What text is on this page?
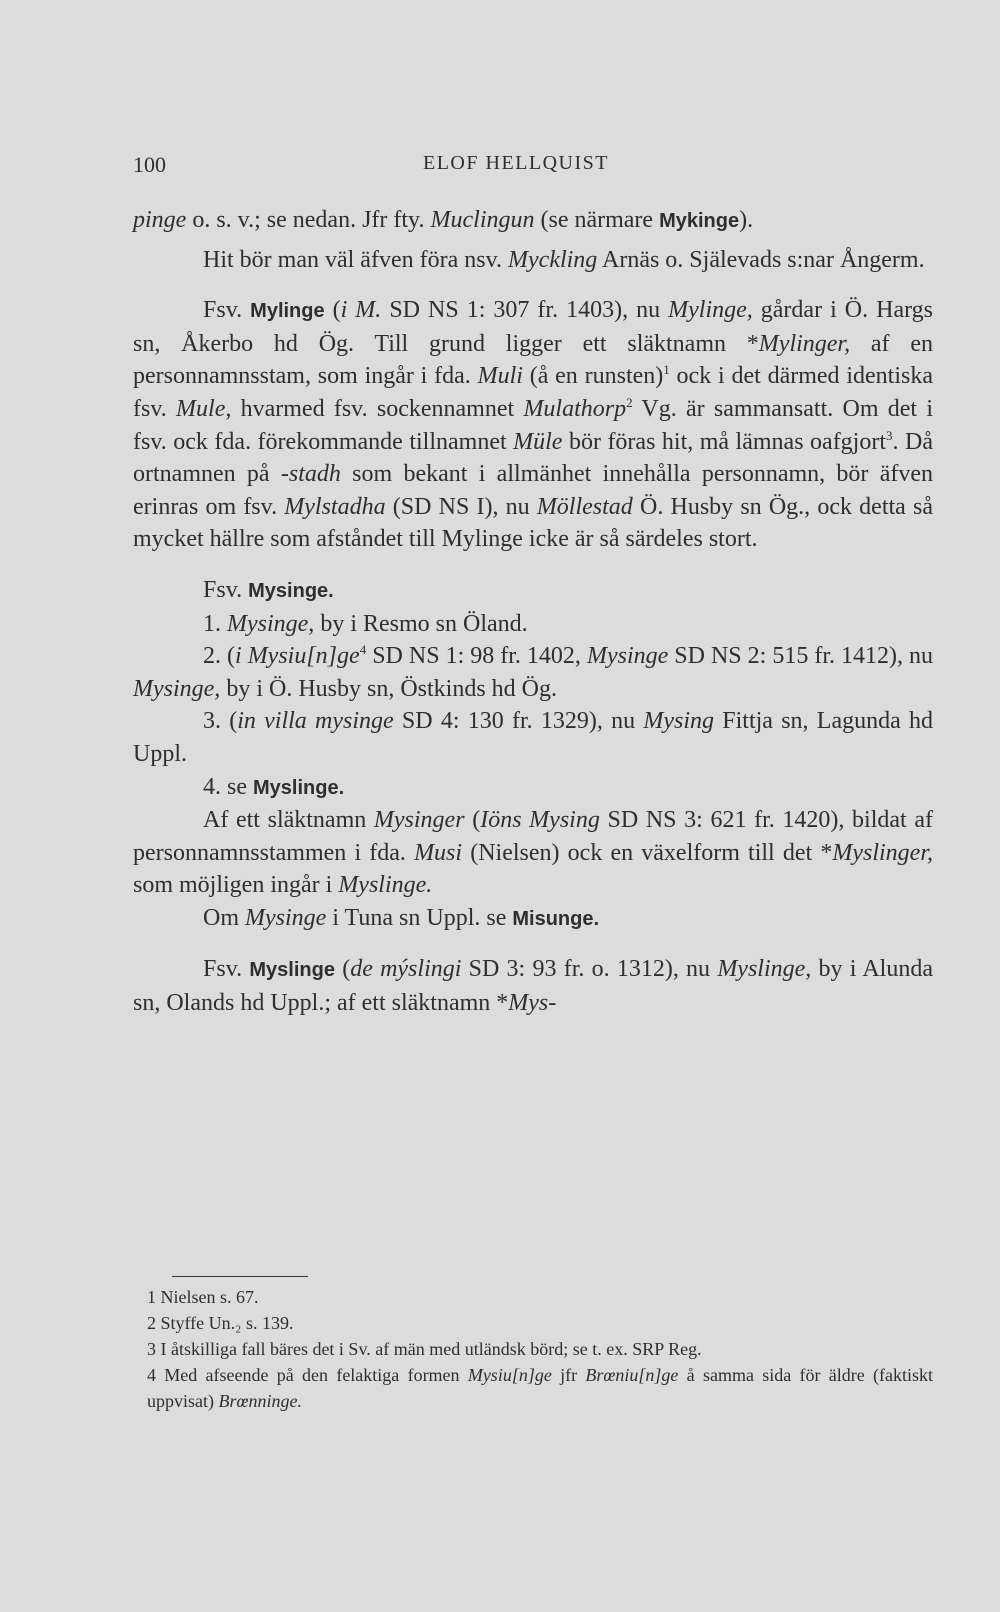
100	ELOF HELLQUIST

pinge o. s. v.; se nedan. Jfr fty. Muclingun (se närmare Mykinge).

Hit bör man väl äfven föra nsv. Myckling Arnäs o. Själevads s:nar Ångerm.

Fsv. Mylinge (i M. SD NS 1: 307 fr. 1403), nu Mylinge, gårdar i Ö. Hargs sn, Åkerbo hd Ög. Till grund ligger ett släktnamn *Mylinger, af en personnamnsstam, som ingår i fda. Muli (å en runsten)$^1$ ock i det därmed identiska fsv. Mule, hvarmed fsv. sockennamnet Mulathorp$^2$ Vg. är sammansatt. Om det i fsv. ock fda. förekommande tillnamnet Müle bör föras hit, må lämnas oafgjort$^3$. Då ortnamnen på -stadh som bekant i allmänhet innehålla personnamn, bör äfven erinras om fsv. Mylstadha (SD NS I), nu Möllestad Ö. Husby sn Ög., ock detta så mycket hällre som afståndet till Mylinge icke är så särdeles stort.

Fsv. Mysinge.

1. Mysinge, by i Resmo sn Öland.

2. (i $Mysiu[n]ge^4$ SD NS 1: 98 fr. 1402, Mysinge SD NS 2: 515 fr. 1412), nu Mysinge, by i Ö. Husby sn, Östkinds hd Ög.

3. (in villa mysinge SD 4: 130 fr. 1329), nu Mysing Fittja sn, Lagunda hd Uppl.

4. se Myslinge.

Af ett släktnamn Mysinger (Iöns Mysing SD NS 3: 621 fr. 1420), bildat af personnamnsstammen i fda. Musi (Nielsen) ock en växelform till det *Myslinger, som möjligen ingår i Myslinge.

Om Mysinge i Tuna sn Uppl. se Misunge.

Fsv. Myslinge (de mýslingi SD 3: 93 fr. o. 1312), nu Myslinge, by i Alunda sn, Olands hd Uppl.; af ett släktnamn *Mys-

1 Nielsen s. 67.

2 Styffe Un.₂ s. 139.

3 I åtskilliga fall bäres det i Sv. af män med utländsk börd; se t. ex. SRP Reg.

4 Med afseende på den felaktiga formen Mysiu[n]ge jfr Brœniu[n]ge å samma sida för äldre (faktiskt uppvisat) Brœnninge.
